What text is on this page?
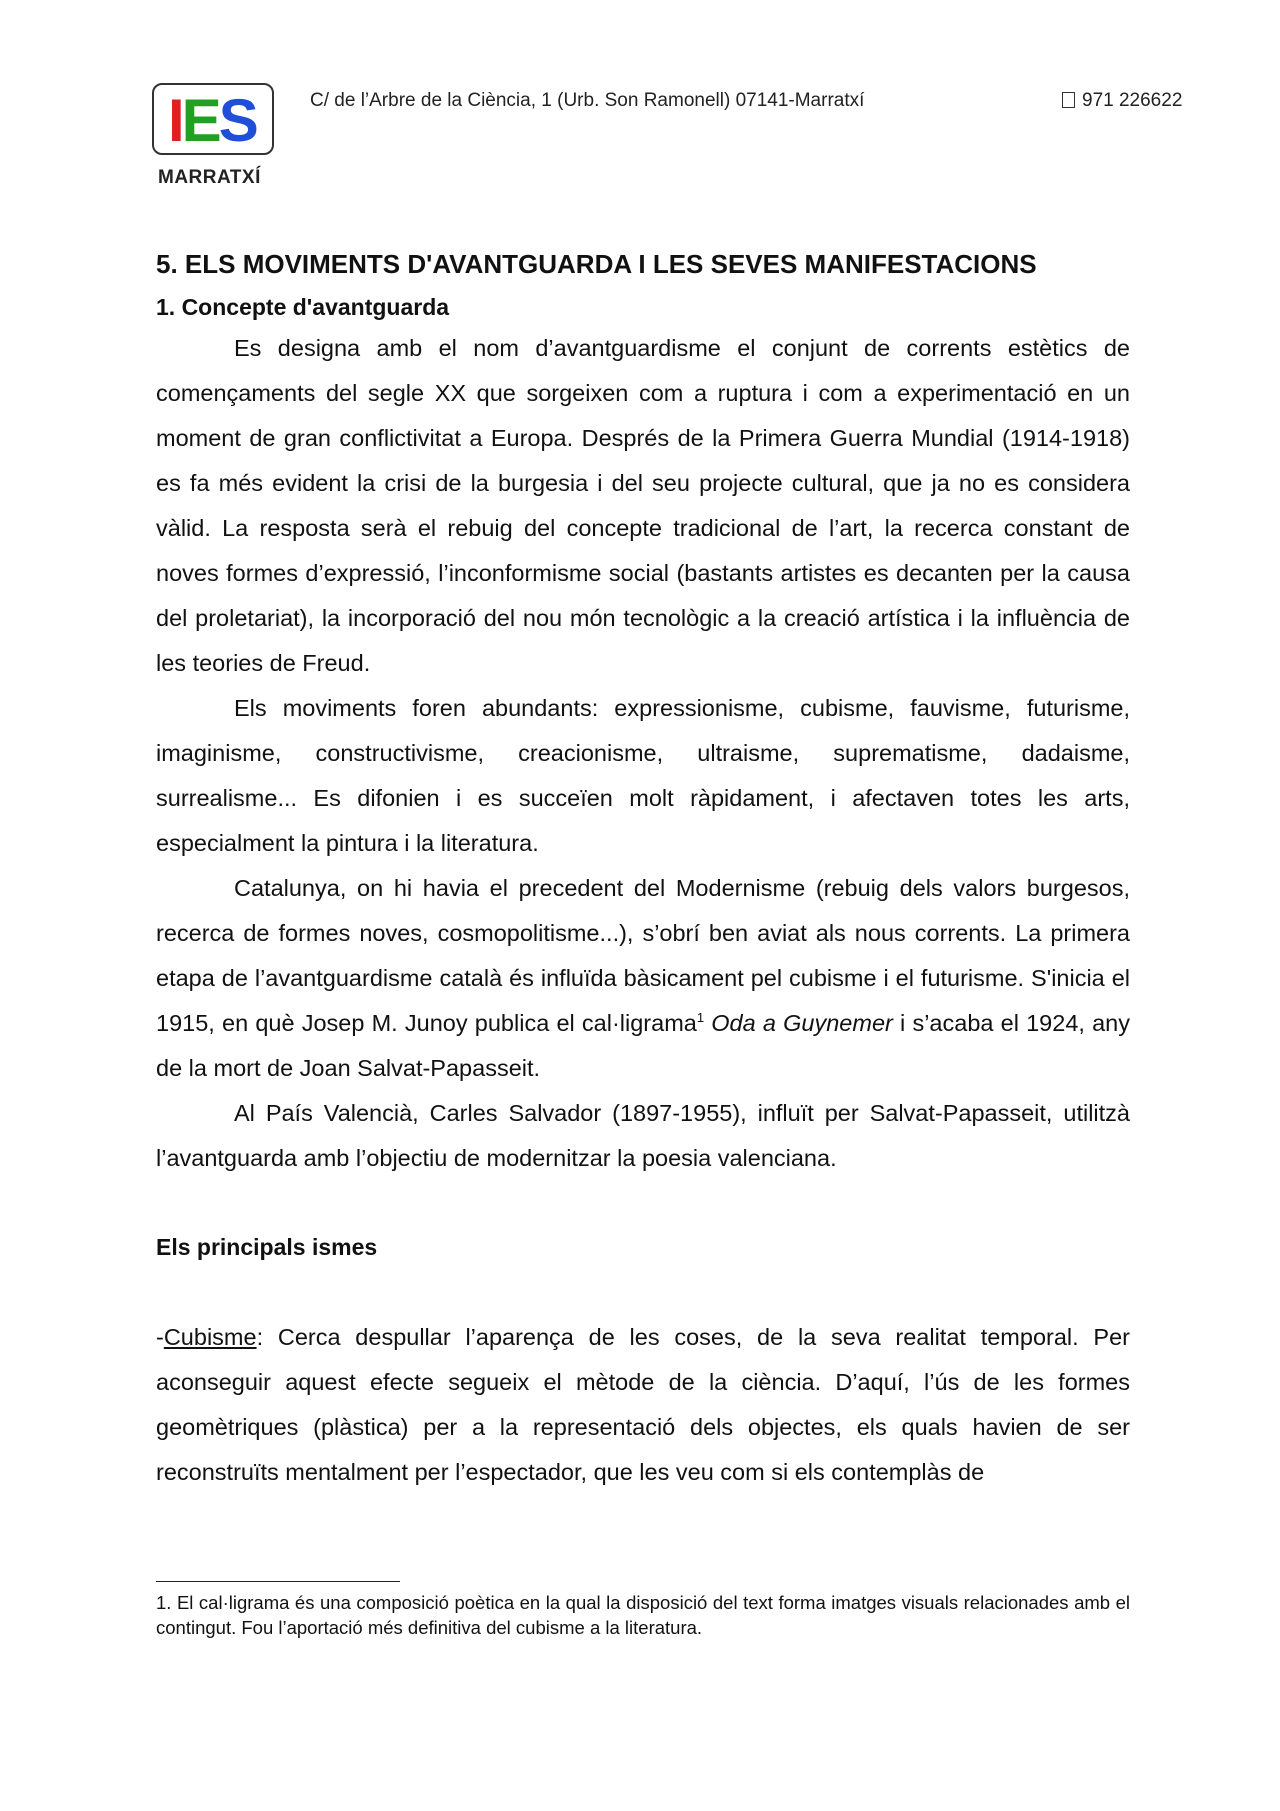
IES
MARRATXÍ
C/ de l’Arbre de la Ciència, 1 (Urb. Son Ramonell) 07141-Marratxí	971 226622
5. ELS MOVIMENTS D'AVANTGUARDA I LES SEVES MANIFESTACIONS
1. Concepte d'avantguarda

Es designa amb el nom d’avantguardisme el conjunt de corrents estètics de començaments del segle XX que sorgeixen com a ruptura i com a experimentació en un moment de gran conflictivitat a Europa. Després de la Primera Guerra Mundial (1914-1918) es fa més evident la crisi de la burgesia i del seu projecte cultural, que ja no es considera vàlid. La resposta serà el rebuig del concepte tradicional de l’art, la recerca constant de noves formes d’expressió, l’inconformisme social (bastants artistes es decanten per la causa del proletariat), la incorporació del nou món tecnològic a la creació artística i la influència de les teories de Freud.

Els moviments foren abundants: expressionisme, cubisme, fauvisme, futurisme, imaginisme, constructivisme, creacionisme, ultraisme, suprematisme, dadaisme, surrealisme... Es difonien i es succeïen molt ràpidament, i afectaven totes les arts, especialment la pintura i la literatura.

Catalunya, on hi havia el precedent del Modernisme (rebuig dels valors burgesos, recerca de formes noves, cosmopolitisme...), s’obrí ben aviat als nous corrents. La primera etapa de l’avantguardisme català és influïda bàsicament pel cubisme i el futurisme. S'inicia el 1915, en què Josep M. Junoy publica el cal·ligrama$^1$ Oda a Guynemer i s’acaba el 1924, any de la mort de Joan Salvat-Papasseit.

Al País Valencià, Carles Salvador (1897-1955), influït per Salvat-Papasseit, utilitzà l’avantguarda amb l’objectiu de modernitzar la poesia valenciana.

Els principals ismes

-Cubisme: Cerca despullar l’aparença de les coses, de la seva realitat temporal. Per aconseguir aquest efecte segueix el mètode de la ciència. D’aquí, l’ús de les formes geomètriques (plàstica) per a la representació dels objectes, els quals havien de ser reconstruïts mentalment per l’espectador, que les veu com si els contemplàs de

1. El cal·ligrama és una composició poètica en la qual la disposició del text forma imatges visuals relacionades amb el contingut. Fou l’aportació més definitiva del cubisme a la literatura.
